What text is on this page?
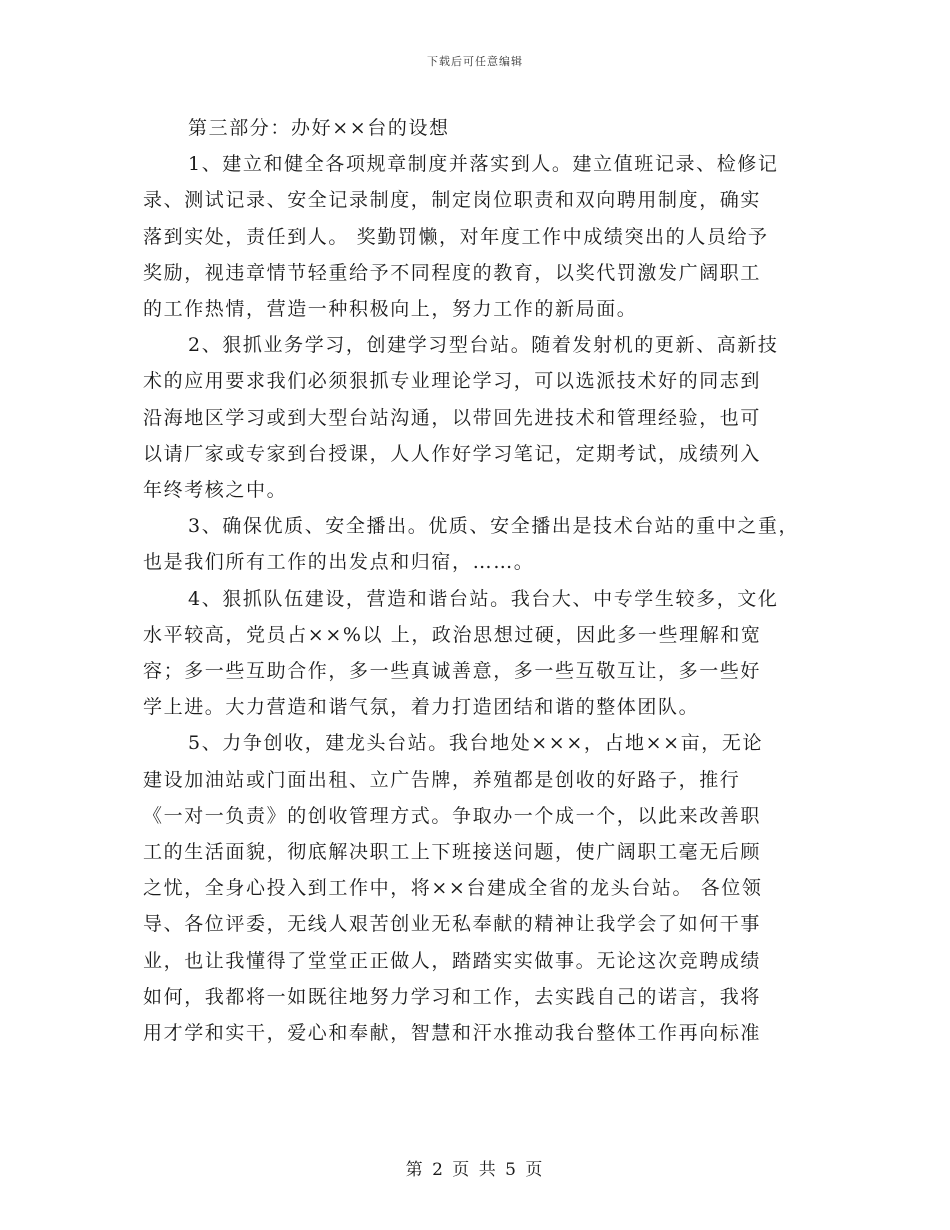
下载后可任意编辑
第三部分：办好××台的设想
1、建立和健全各项规章制度并落实到人。建立值班记录、检修记
录、测试记录、安全记录制度，制定岗位职责和双向聘用制度，确实
落到实处，责任到人。 奖勤罚懒，对年度工作中成绩突出的人员给予
奖励，视违章情节轻重给予不同程度的教育，以奖代罚激发广阔职工
的工作热情，营造一种积极向上，努力工作的新局面。
2、狠抓业务学习，创建学习型台站。随着发射机的更新、高新技
术的应用要求我们必须狠抓专业理论学习，可以选派技术好的同志到
沿海地区学习或到大型台站沟通，以带回先进技术和管理经验，也可
以请厂家或专家到台授课，人人作好学习笔记，定期考试，成绩列入
年终考核之中。
3、确保优质、安全播出。优质、安全播出是技术台站的重中之重，
也是我们所有工作的出发点和归宿，……。
4、狠抓队伍建设，营造和谐台站。我台大、中专学生较多，文化
水平较高，党员占××%以 上，政治思想过硬，因此多一些理解和宽
容；多一些互助合作，多一些真诚善意，多一些互敬互让，多一些好
学上进。大力营造和谐气氛，着力打造团结和谐的整体团队。
5、力争创收，建龙头台站。我台地处×××，占地××亩，无论
建设加油站或门面出租、立广告牌，养殖都是创收的好路子，推行
《一对一负责》的创收管理方式。争取办一个成一个，以此来改善职
工的生活面貌，彻底解决职工上下班接送问题，使广阔职工毫无后顾
之忧，全身心投入到工作中，将××台建成全省的龙头台站。 各位领
导、各位评委，无线人艰苦创业无私奉献的精神让我学会了如何干事
业，也让我懂得了堂堂正正做人，踏踏实实做事。无论这次竞聘成绩
如何，我都将一如既往地努力学习和工作，去实践自己的诺言，我将
用才学和实干，爱心和奉献，智慧和汗水推动我台整体工作再向标准
第 2 页 共 5 页
